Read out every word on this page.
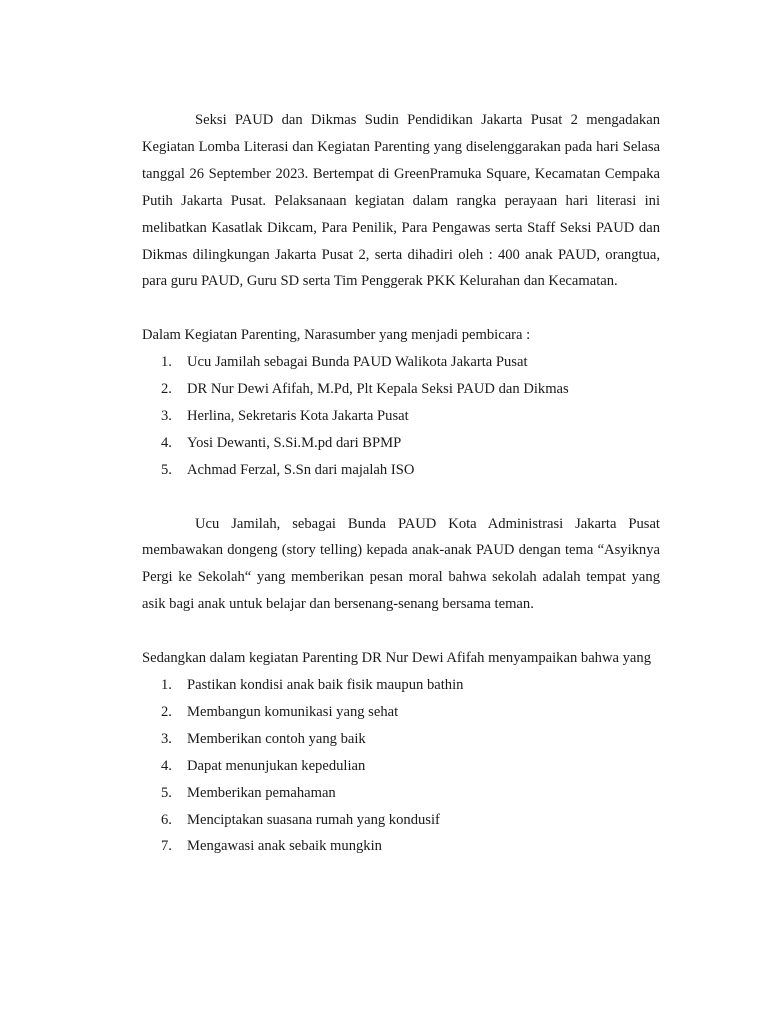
Seksi PAUD dan Dikmas Sudin Pendidikan Jakarta Pusat 2 mengadakan Kegiatan Lomba Literasi dan Kegiatan Parenting yang diselenggarakan pada hari Selasa tanggal 26 September 2023. Bertempat di GreenPramuka Square, Kecamatan Cempaka Putih Jakarta Pusat. Pelaksanaan kegiatan dalam rangka perayaan hari literasi ini melibatkan Kasatlak Dikcam, Para Penilik, Para Pengawas serta Staff Seksi PAUD dan Dikmas dilingkungan Jakarta Pusat 2, serta dihadiri oleh : 400 anak PAUD, orangtua, para guru PAUD, Guru SD serta Tim Penggerak PKK Kelurahan dan Kecamatan.

Dalam Kegiatan Parenting, Narasumber yang menjadi pembicara :

1. Ucu Jamilah sebagai Bunda PAUD Walikota Jakarta Pusat
2. DR Nur Dewi Afifah, M.Pd, Plt Kepala Seksi PAUD dan Dikmas
3. Herlina, Sekretaris Kota Jakarta Pusat
4. Yosi Dewanti, S.Si.M.pd dari BPMP
5. Achmad Ferzal, S.Sn dari majalah ISO

Ucu Jamilah, sebagai Bunda PAUD Kota Administrasi Jakarta Pusat membawakan dongeng (story telling) kepada anak-anak PAUD dengan tema “Asyiknya Pergi ke Sekolah“ yang memberikan pesan moral bahwa sekolah adalah tempat yang asik bagi anak untuk belajar dan bersenang-senang bersama teman.

Sedangkan dalam kegiatan Parenting DR Nur Dewi Afifah menyampaikan bahwa yang

1. Pastikan kondisi anak baik fisik maupun bathin
2. Membangun komunikasi yang sehat
3. Memberikan contoh yang baik
4. Dapat menunjukan kepedulian
5. Memberikan pemahaman
6. Menciptakan suasana rumah yang kondusif
7. Mengawasi anak sebaik mungkin
